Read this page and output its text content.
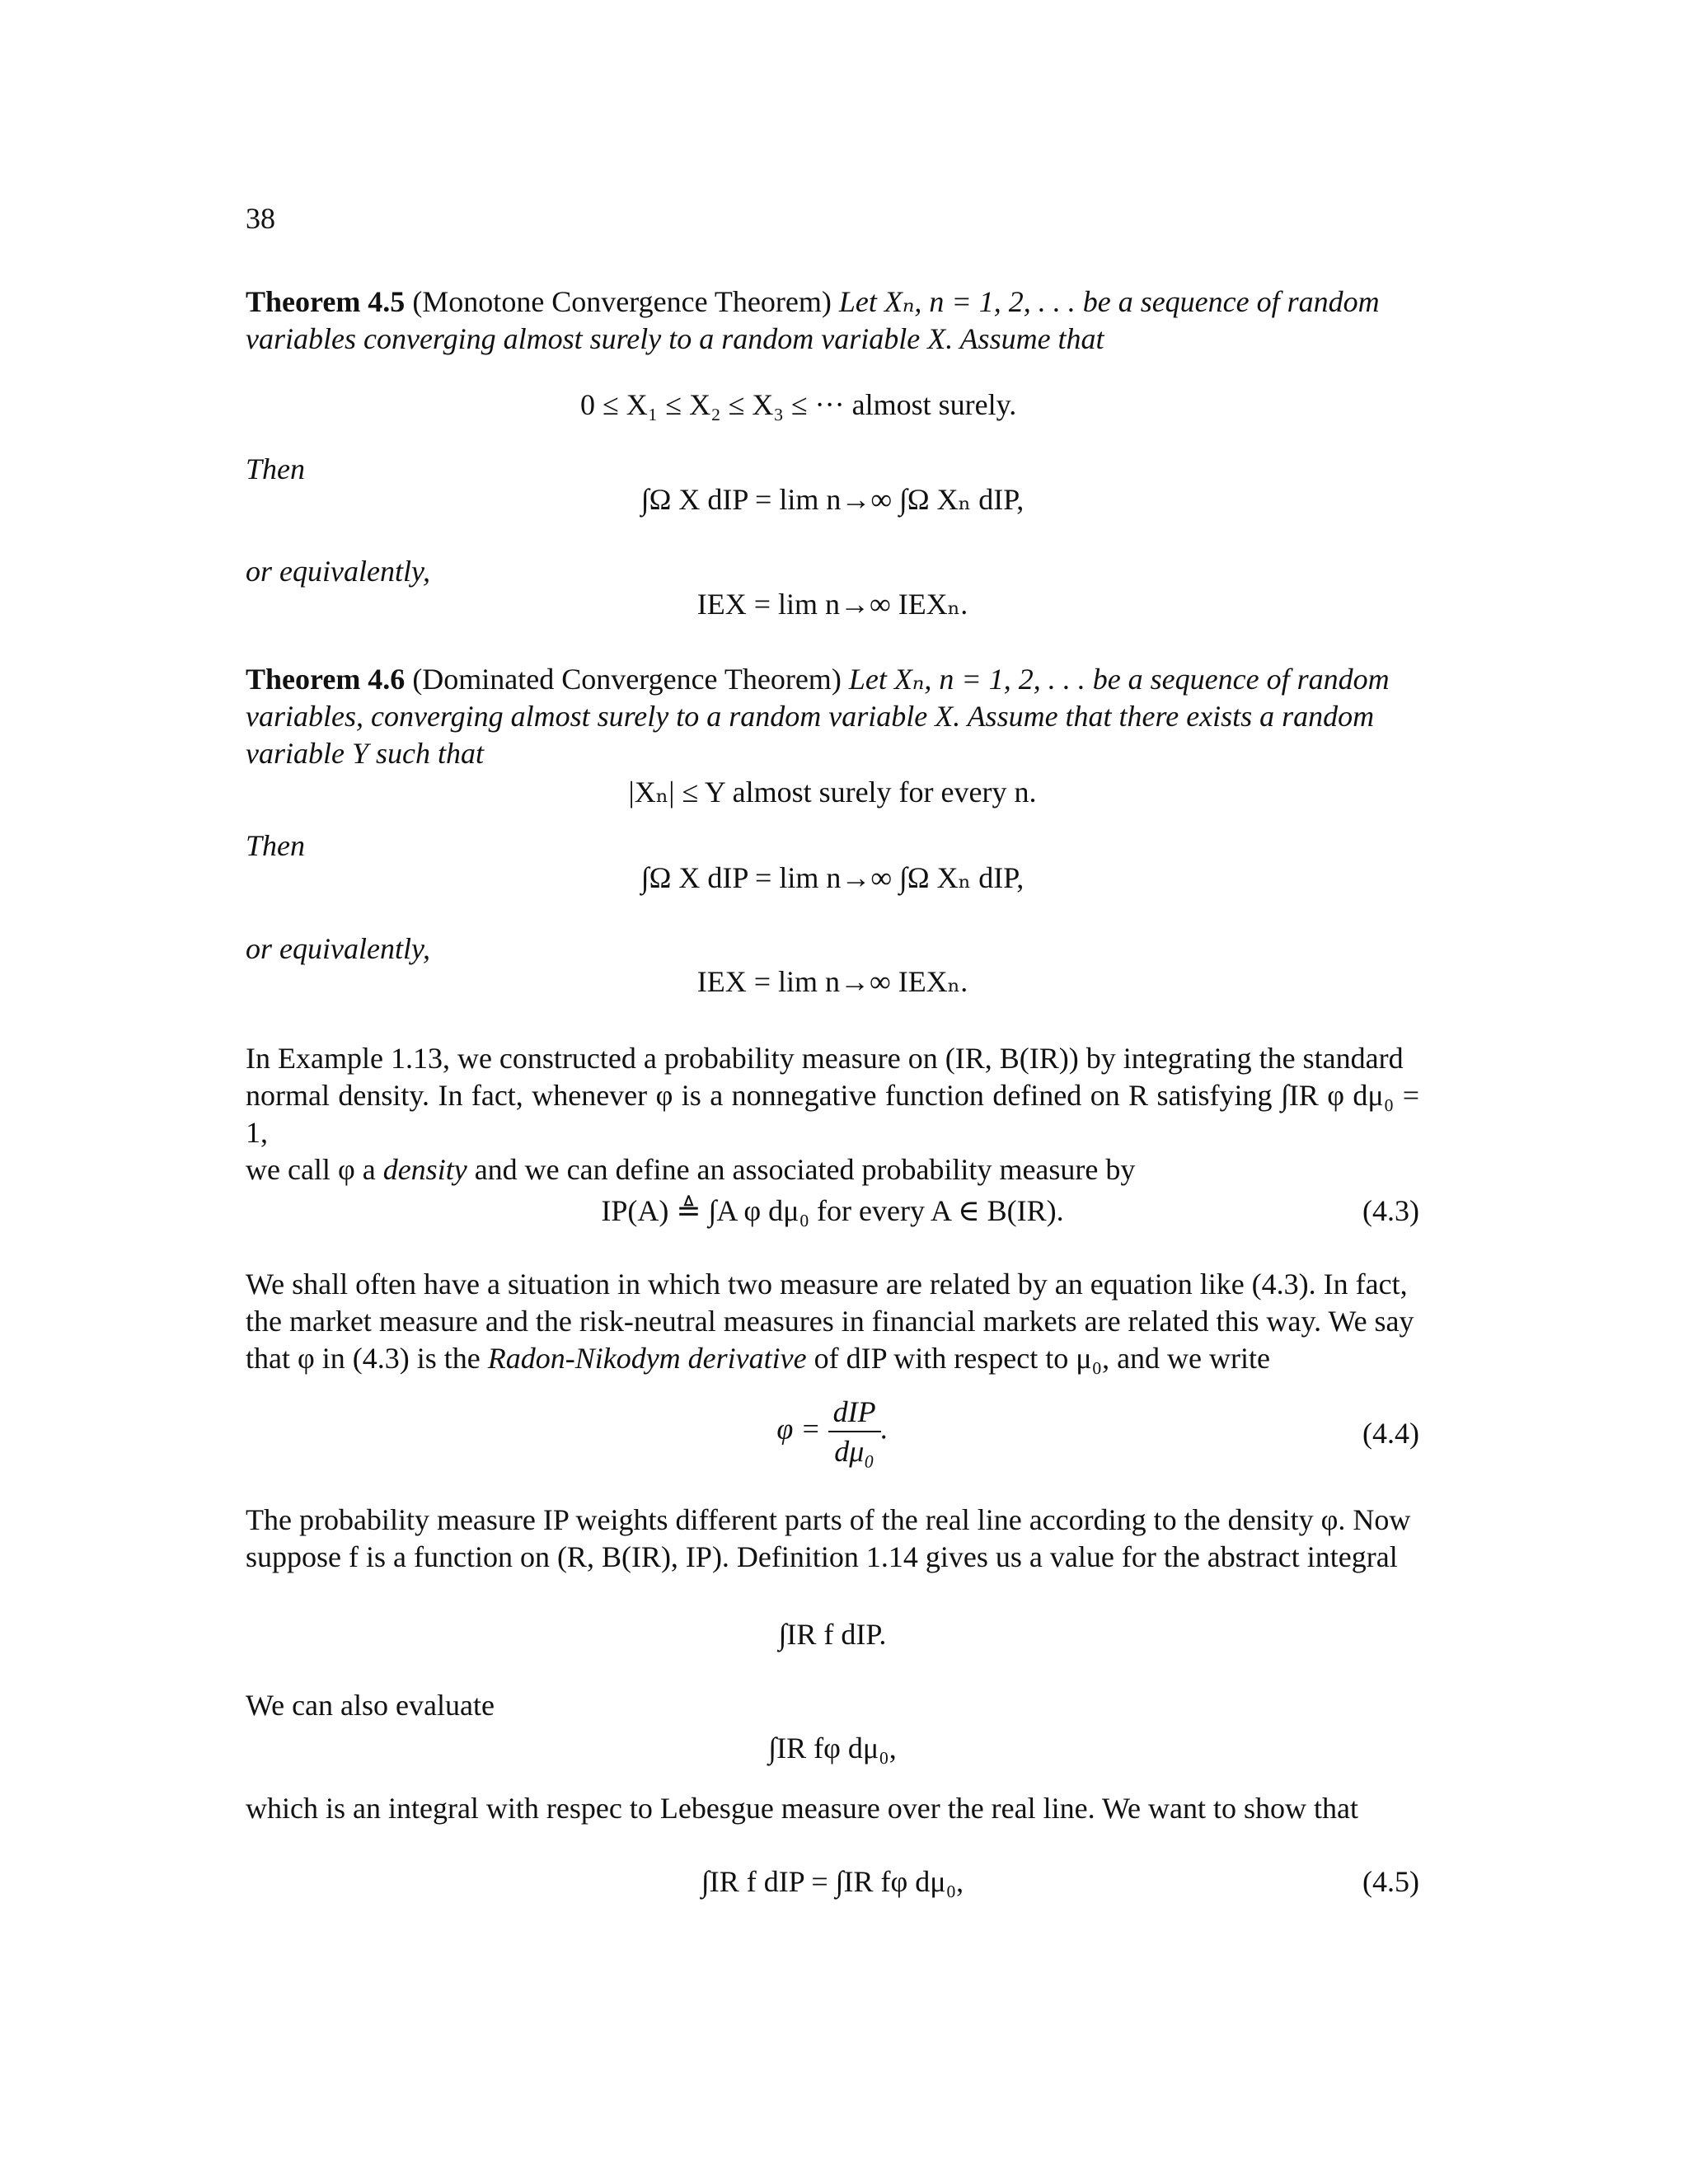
38
Theorem 4.5 (Monotone Convergence Theorem) Let Xₙ, n = 1, 2, . . . be a sequence of random
variables converging almost surely to a random variable X. Assume that
0 ≤ X₁ ≤ X₂ ≤ X₃ ≤ ··· almost surely.
Then
∫Ω X dIP = lim n→∞ ∫Ω Xₙ dIP,
or equivalently,
IEX = lim n→∞ IEXₙ.
Theorem 4.6 (Dominated Convergence Theorem) Let Xₙ, n = 1, 2, . . . be a sequence of random
variables, converging almost surely to a random variable X. Assume that there exists a random
variable Y such that
|Xₙ| ≤ Y almost surely for every n.
Then
∫Ω X dIP = lim n→∞ ∫Ω Xₙ dIP,
or equivalently,
IEX = lim n→∞ IEXₙ.
In Example 1.13, we constructed a probability measure on (IR, B(IR)) by integrating the standard
normal density. In fact, whenever φ is a nonnegative function defined on R satisfying ∫IR φ dμ₀ = 1,
we call φ a density and we can define an associated probability measure by
IP(A) ≜ ∫A φ dμ₀ for every A ∈ B(IR).	(4.3)
We shall often have a situation in which two measure are related by an equation like (4.3). In fact,
the market measure and the risk-neutral measures in financial markets are related this way. We say
that φ in (4.3) is the Radon-Nikodym derivative of dIP with respect to μ₀, and we write
$\varphi = \frac{\text{dIP}}{\text{dμ₀}}$ .	(4.4)
The probability measure IP weights different parts of the real line according to the density φ. Now
suppose f is a function on (R, B(IR), IP). Definition 1.14 gives us a value for the abstract integral
∫IR f dIP.
We can also evaluate
∫IR fφ dμ₀,
which is an integral with respec to Lebesgue measure over the real line. We want to show that
∫IR f dIP = ∫IR fφ dμ₀,	(4.5)
